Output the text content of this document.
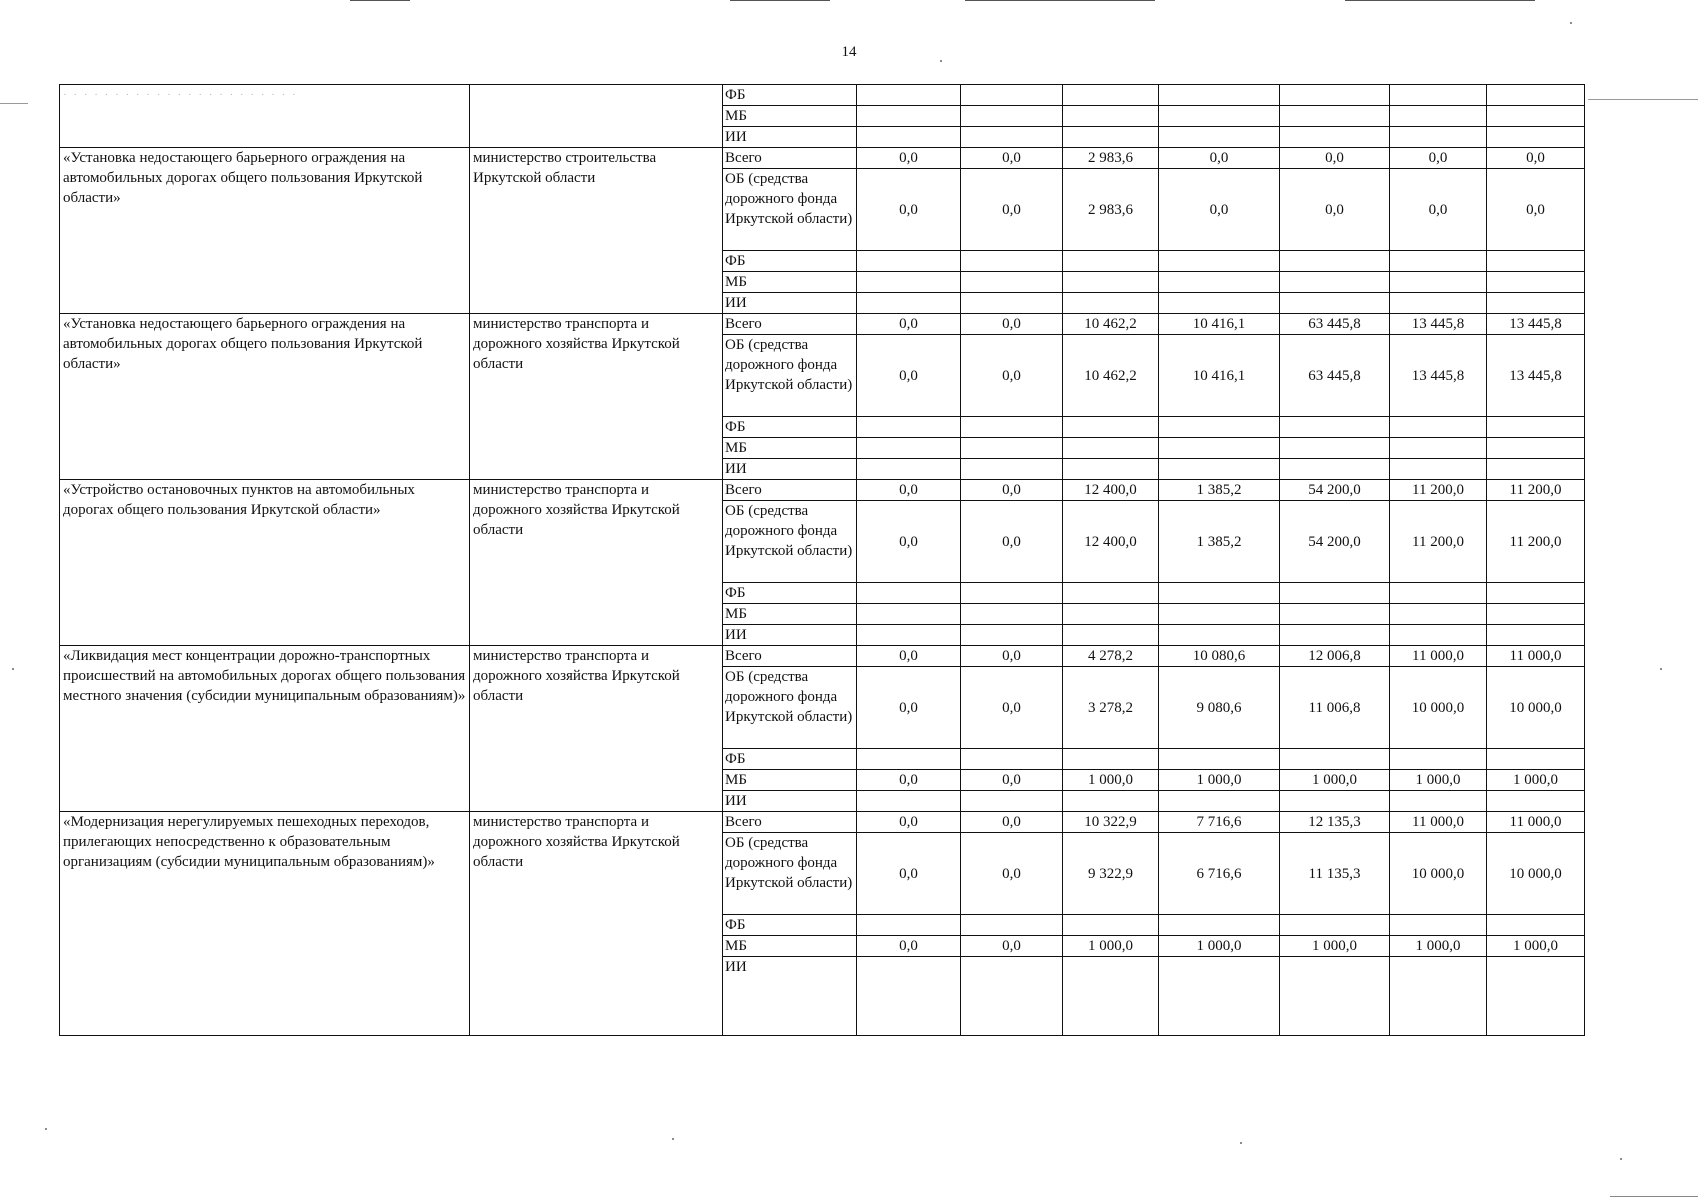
14
· · · · · · · · · · · · · · · · · · · · · · ·		ФБ							
		МБ							
		ИИ							
«Установка недостающего барьерного ограждения на автомобильных дорогах общего пользования Иркутской области»	министерство строительства Иркутской области	Всего	0,0	0,0	2 983,6	0,0	0,0	0,0	0,0
		ОБ (средства дорожного фонда Иркутской области)	0,0	0,0	2 983,6	0,0	0,0	0,0	0,0
		ФБ							
		МБ							
		ИИ							
«Установка недостающего барьерного ограждения на автомобильных дорогах общего пользования Иркутской области»	министерство транспорта и дорожного хозяйства Иркутской области	Всего	0,0	0,0	10 462,2	10 416,1	63 445,8	13 445,8	13 445,8
		ОБ (средства дорожного фонда Иркутской области)	0,0	0,0	10 462,2	10 416,1	63 445,8	13 445,8	13 445,8
		ФБ							
		МБ							
		ИИ							
«Устройство остановочных пунктов на автомобильных дорогах общего пользования Иркутской области»	министерство транспорта и дорожного хозяйства Иркутской области	Всего	0,0	0,0	12 400,0	1 385,2	54 200,0	11 200,0	11 200,0
		ОБ (средства дорожного фонда Иркутской области)	0,0	0,0	12 400,0	1 385,2	54 200,0	11 200,0	11 200,0
		ФБ							
		МБ							
		ИИ							
«Ликвидация мест концентрации дорожно-транспортных происшествий на автомобильных дорогах общего пользования местного значения (субсидии муниципальным образованиям)»	министерство транспорта и дорожного хозяйства Иркутской области	Всего	0,0	0,0	4 278,2	10 080,6	12 006,8	11 000,0	11 000,0
		ОБ (средства дорожного фонда Иркутской области)	0,0	0,0	3 278,2	9 080,6	11 006,8	10 000,0	10 000,0
		ФБ							
		МБ	0,0	0,0	1 000,0	1 000,0	1 000,0	1 000,0	1 000,0
		ИИ							
«Модернизация нерегулируемых пешеходных переходов, прилегающих непосредственно к образовательным организациям (субсидии муниципальным образованиям)»	министерство транспорта и дорожного хозяйства Иркутской области	Всего	0,0	0,0	10 322,9	7 716,6	12 135,3	11 000,0	11 000,0
		ОБ (средства дорожного фонда Иркутской области)	0,0	0,0	9 322,9	6 716,6	11 135,3	10 000,0	10 000,0
		ФБ							
		МБ	0,0	0,0	1 000,0	1 000,0	1 000,0	1 000,0	1 000,0
		ИИ							
